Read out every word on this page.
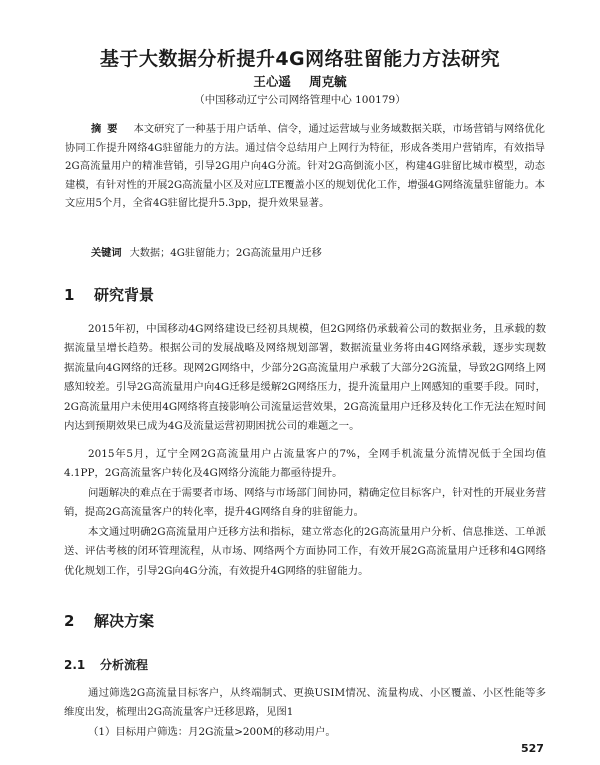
基于大数据分析提升4G网络驻留能力方法研究
王心遥 周克毓
（中国移动辽宁公司网络管理中心 100179）

摘要 本文研究了一种基于用户话单、信令，通过运营域与业务域数据关联，市场营销与网络优化协同工作提升网络4G驻留能力的方法。通过信令总结用户上网行为特征，形成各类用户营销库，有效指导2G高流量用户的精准营销，引导2G用户向4G分流。针对2G高倒流小区，构建4G驻留比城市模型，动态建模，有针对性的开展2G高流量小区及对应LTE覆盖小区的规划优化工作，增强4G网络流量驻留能力。本文应用5个月，全省4G驻留比提升5.3pp，提升效果显著。

关键词 大数据；4G驻留能力；2G高流量用户迁移

1 研究背景

2015年初，中国移动4G网络建设已经初具规模，但2G网络仍承载着公司的数据业务，且承载的数据流量呈增长趋势。根据公司的发展战略及网络规划部署，数据流量业务将由4G网络承载，逐步实现数据流量向4G网络的迁移。现网2G网络中，少部分2G高流量用户承载了大部分2G流量，导致2G网络上网感知较差。引导2G高流量用户向4G迁移是缓解2G网络压力，提升流量用户上网感知的重要手段。同时，2G高流量用户未使用4G网络将直接影响公司流量运营效果，2G高流量用户迁移及转化工作无法在短时间内达到预期效果已成为4G及流量运营初期困扰公司的难题之一。

2015年5月，辽宁全网2G高流量用户占流量客户的7%，全网手机流量分流情况低于全国均值4.1PP，2G高流量客户转化及4G网络分流能力都亟待提升。

问题解决的难点在于需要者市场、网络与市场部门间协同，精确定位目标客户，针对性的开展业务营销，提高2G高流量客户的转化率，提升4G网络自身的驻留能力。

本文通过明确2G高流量用户迁移方法和指标，建立常态化的2G高流量用户分析、信息推送、工单派送、评估考核的闭环管理流程，从市场、网络两个方面协同工作，有效开展2G高流量用户迁移和4G网络优化规划工作，引导2G向4G分流，有效提升4G网络的驻留能力。

2 解决方案
2.1 分析流程

通过筛选2G高流量目标客户，从终端制式、更换USIM情况、流量构成、小区覆盖、小区性能等多维度出发，梳理出2G高流量客户迁移思路，见图1

（1）目标用户筛选：月2G流量>200M的移动用户。

527
